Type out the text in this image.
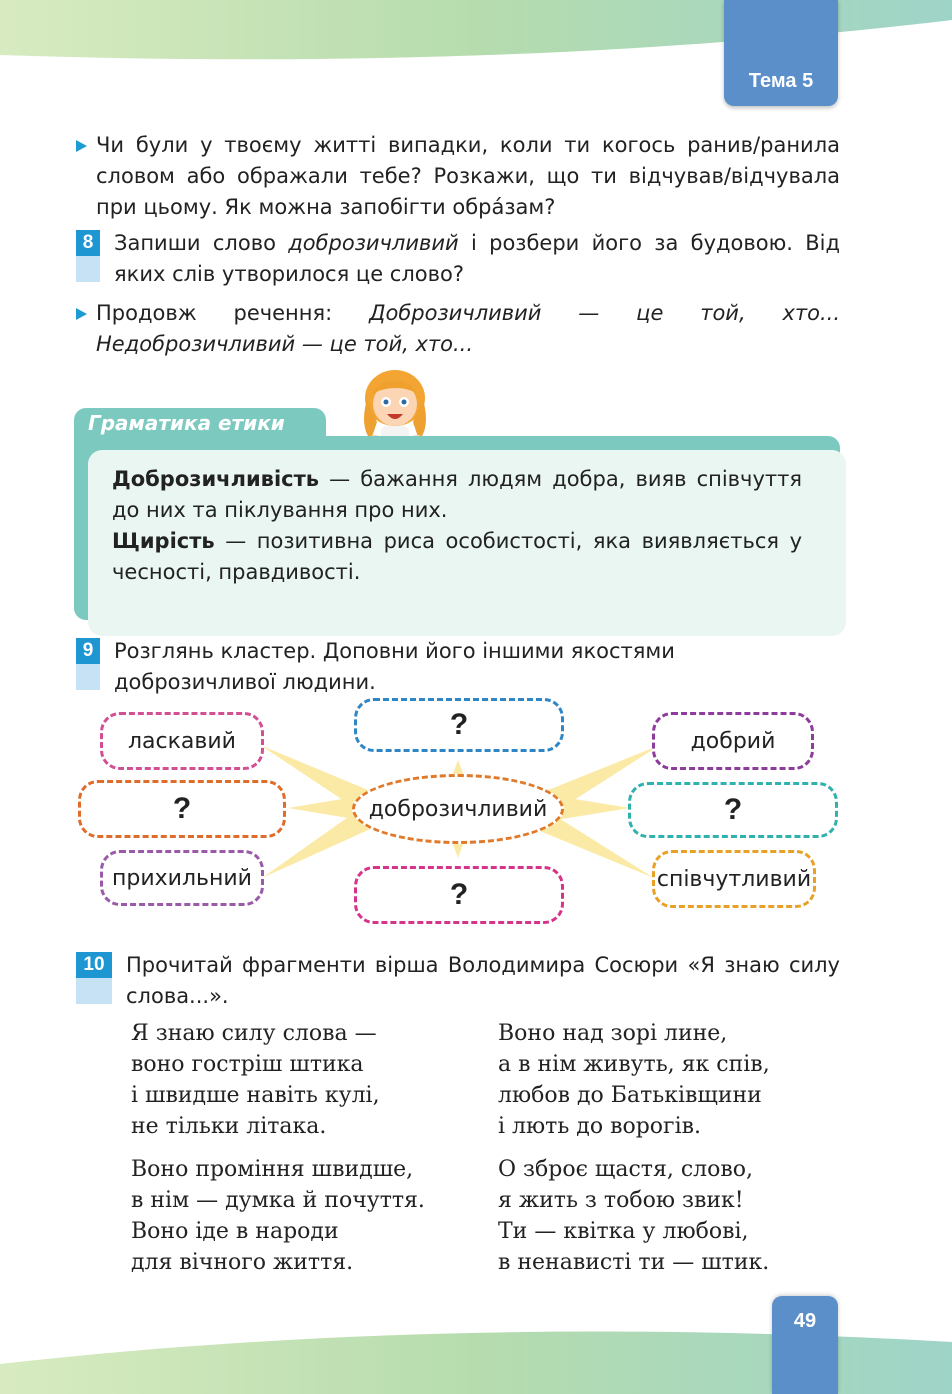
Тема 5
Чи були у твоєму житті випадки, коли ти когось ранив/ранила словом або ображали тебе? Розкажи, що ти відчував/відчувала при цьому. Як можна запобігти обра́зам?
8 Запиши слово доброзичливий і розбери його за будовою. Від яких слів утворилося це слово?
Продовж речення: Доброзичливий — це той, хто... Недоброзичливий — це той, хто...
Граматика етики
Доброзичливість — бажання людям добра, вияв співчуття до них та піклування про них.
Щирість — позитивна риса особистості, яка виявляється у чесності, правдивості.
9 Розглянь кластер. Доповни його іншими якостями доброзичливої людини.
доброзичливий
ласкавий
?
прихильний
?
?
добрий
?
співчутливий
10	Прочитай фрагменти вірша Володимира Сосюри «Я знаю силу слова...».
Я знаю силу слова —
воно гостріш штика
і швидше навіть кулі,
не тільки літака.
Воно проміння швидше,
в нім — думка й почуття.
Воно іде в народи
для вічного життя.
Воно над зорі лине,
а в нім живуть, як спів,
любов до Батьківщини
і лють до ворогів.
О зброє щастя, слово,
я жить з тобою звик!
Ти — квітка у любові,
в ненависті ти — штик.
49
